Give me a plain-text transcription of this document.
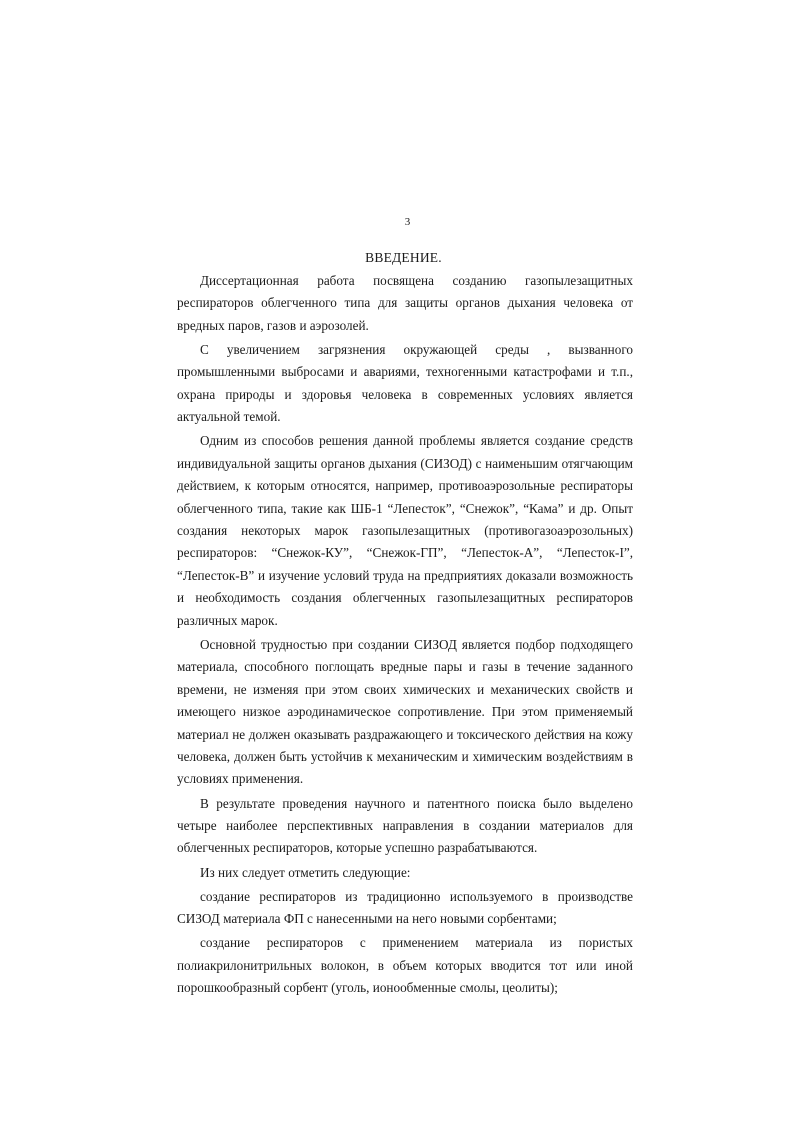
3
ВВЕДЕНИЕ.

Диссертационная работа посвящена созданию газопылезащитных респираторов облегченного типа для защиты органов дыхания человека от вредных паров, газов и аэрозолей.

С увеличением загрязнения окружающей среды , вызванного промышленными выбросами и авариями, техногенными катастрофами и т.п., охрана природы и здоровья человека в современных условиях является актуальной темой.

Одним из способов решения данной проблемы является создание средств индивидуальной защиты органов дыхания (СИЗОД) с наименьшим отягчающим действием, к которым относятся, например, противоаэрозольные респираторы облегченного типа, такие как ШБ-1 “Лепесток”, “Снежок”, “Кама” и др. Опыт создания некоторых марок газопылезащитных (противогазоаэрозольных) респираторов: “Снежок-КУ”, “Снежок-ГП”, “Лепесток-А”, “Лепесток-I”, “Лепесток-В” и изучение условий труда на предприятиях доказали возможность и необходимость создания облегченных газопылезащитных респираторов различных марок.

Основной трудностью при создании СИЗОД является подбор подходящего материала, способного поглощать вредные пары и газы в течение заданного времени, не изменяя при этом своих химических и механических свойств и имеющего низкое аэродинамическое сопротивление. При этом применяемый материал не должен оказывать раздражающего и токсического действия на кожу человека, должен быть устойчив к механическим и химическим воздействиям в условиях применения.

В результате проведения научного и патентного поиска было выделено четыре наиболее перспективных направления в создании материалов для облегченных респираторов, которые успешно разрабатываются.

Из них следует отметить следующие:

создание респираторов из традиционно используемого в производстве СИЗОД материала ФП с нанесенными на него новыми сорбентами;

создание респираторов с применением материала из пористых полиакрилонитрильных волокон, в объем которых вводится тот или иной порошкообразный сорбент (уголь, ионообменные смолы, цеолиты);
